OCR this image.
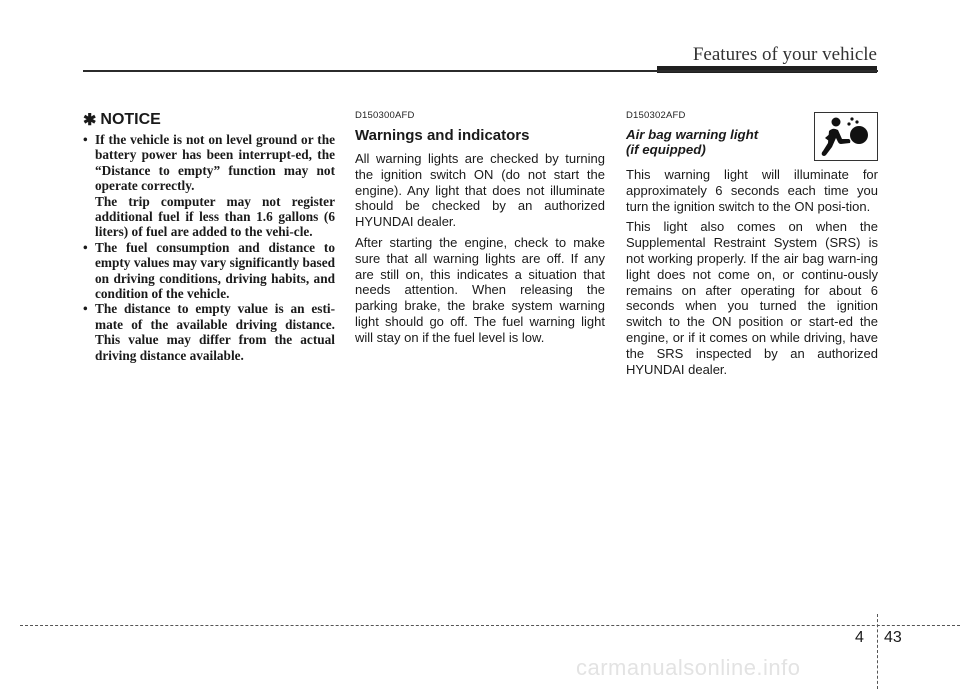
Features of your vehicle
✱ NOTICE
• If the vehicle is not on level ground or the battery power has been interrupt-ed, the “Distance to empty” function may not operate correctly.
The trip computer may not register additional fuel if less than 1.6 gallons (6 liters) of fuel are added to the vehi-cle.
• The fuel consumption and distance to empty values may vary significantly based on driving conditions, driving habits, and condition of the vehicle.
• The distance to empty value is an esti-mate of the available driving distance. This value may differ from the actual driving distance available.
D150300AFD
Warnings and indicators

All warning lights are checked by turning the ignition switch ON (do not start the engine). Any light that does not illuminate should be checked by an authorized HYUNDAI dealer.

After starting the engine, check to make sure that all warning lights are off. If any are still on, this indicates a situation that needs attention. When releasing the parking brake, the brake system warning light should go off. The fuel warning light will stay on if the fuel level is low.

D150302AFD
Air bag warning light
(if equipped)

This warning light will illuminate for approximately 6 seconds each time you turn the ignition switch to the ON posi-tion.

This light also comes on when the Supplemental Restraint System (SRS) is not working properly. If the air bag warn-ing light does not come on, or continu-ously remains on after operating for about 6 seconds when you turned the ignition switch to the ON position or start-ed the engine, or if it comes on while driving, have the SRS inspected by an authorized HYUNDAI dealer.

4 43
carmanualsonline.info
